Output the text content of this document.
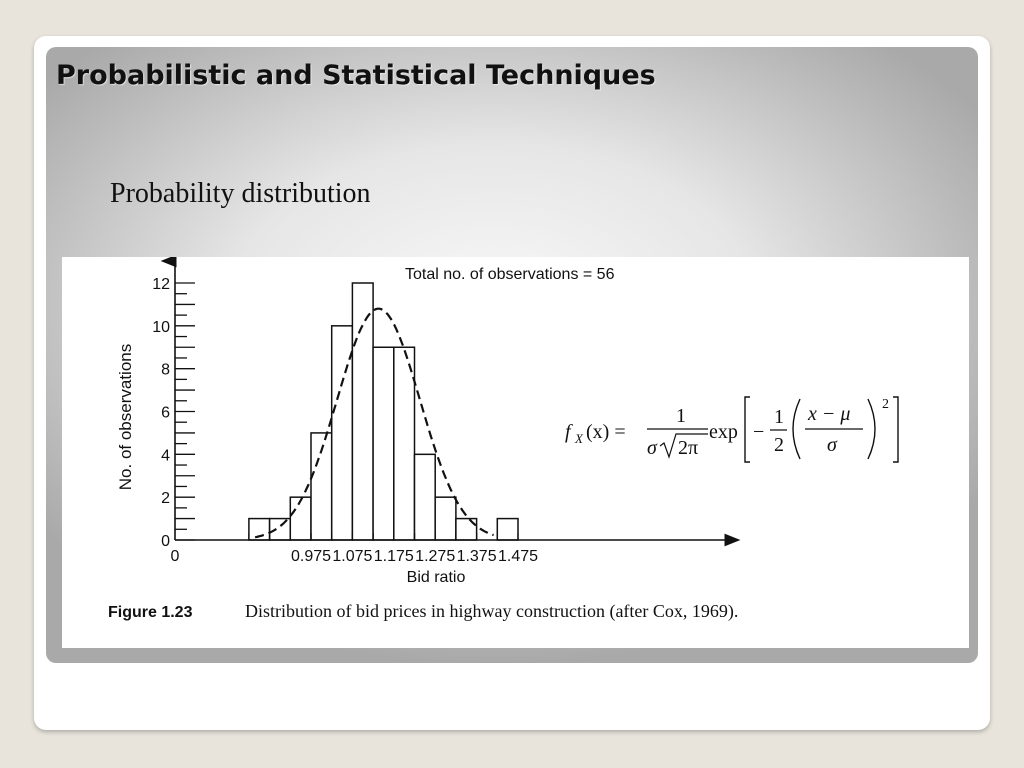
Probabilistic and Statistical Techniques
Probability distribution
0
2
4
6
8
10
12
0	0.975 1.075 1.175 1.275 1.375 1.475
No. of observations
Bid ratio
Total no. of observations = 56
f X (x) =
1
σ 2π
exp −
1
2
x − μ
σ
2
Figure 1.23	Distribution of bid prices in highway construction (after Cox, 1969).
